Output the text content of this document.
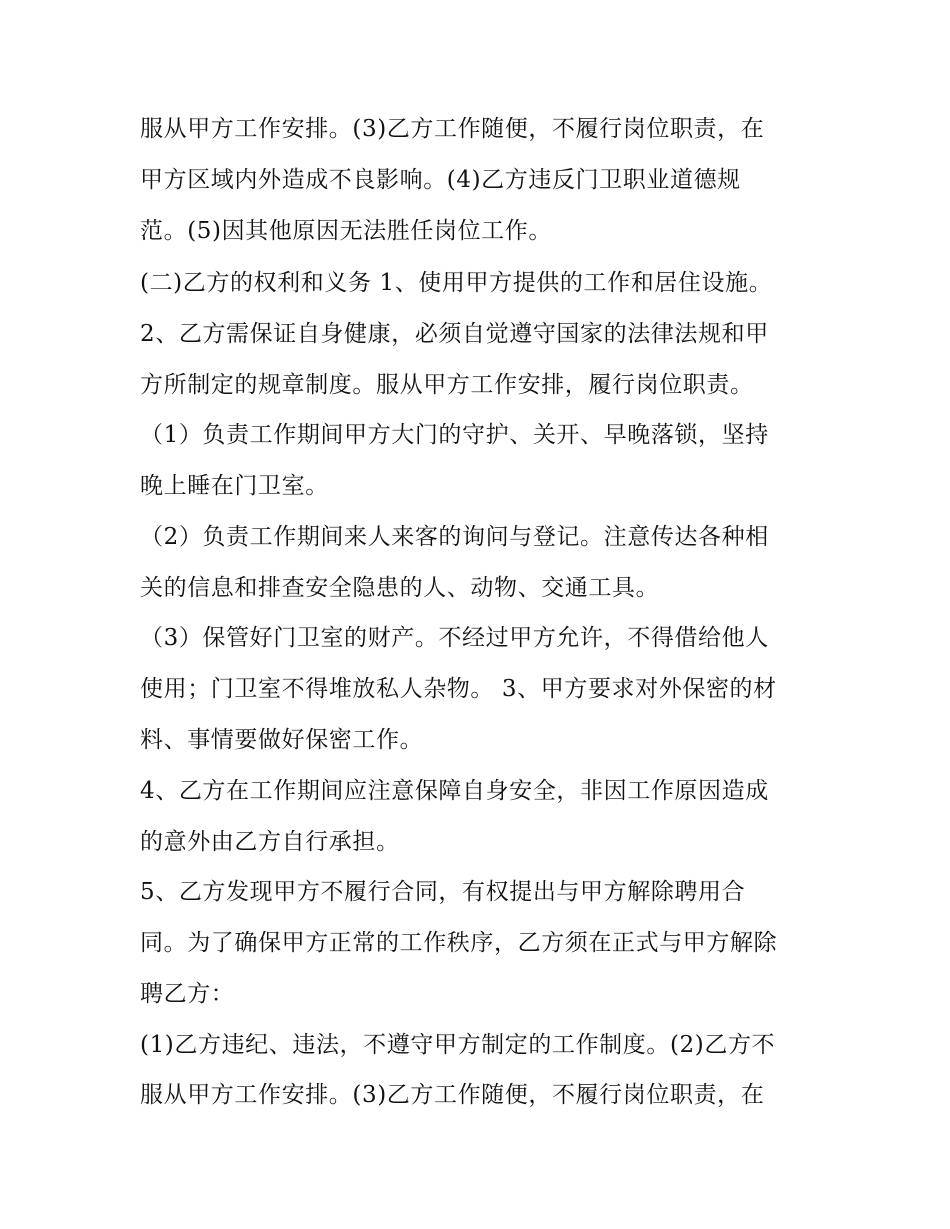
服从甲方工作安排。(3)乙方工作随便，不履行岗位职责，在
甲方区域内外造成不良影响。(4)乙方违反门卫职业道德规
范。(5)因其他原因无法胜任岗位工作。
(二)乙方的权利和义务 1、使用甲方提供的工作和居住设施。
2、乙方需保证自身健康，必须自觉遵守国家的法律法规和甲
方所制定的规章制度。服从甲方工作安排，履行岗位职责。
（1）负责工作期间甲方大门的守护、关开、早晚落锁，坚持
晚上睡在门卫室。
（2）负责工作期间来人来客的询问与登记。注意传达各种相
关的信息和排查安全隐患的人、动物、交通工具。
（3）保管好门卫室的财产。不经过甲方允许，不得借给他人
使用；门卫室不得堆放私人杂物。 3、甲方要求对外保密的材
料、事情要做好保密工作。
4、乙方在工作期间应注意保障自身安全，非因工作原因造成
的意外由乙方自行承担。
5、乙方发现甲方不履行合同，有权提出与甲方解除聘用合
同。为了确保甲方正常的工作秩序，乙方须在正式与甲方解除
聘乙方：
(1)乙方违纪、违法，不遵守甲方制定的工作制度。(2)乙方不
服从甲方工作安排。(3)乙方工作随便，不履行岗位职责，在
